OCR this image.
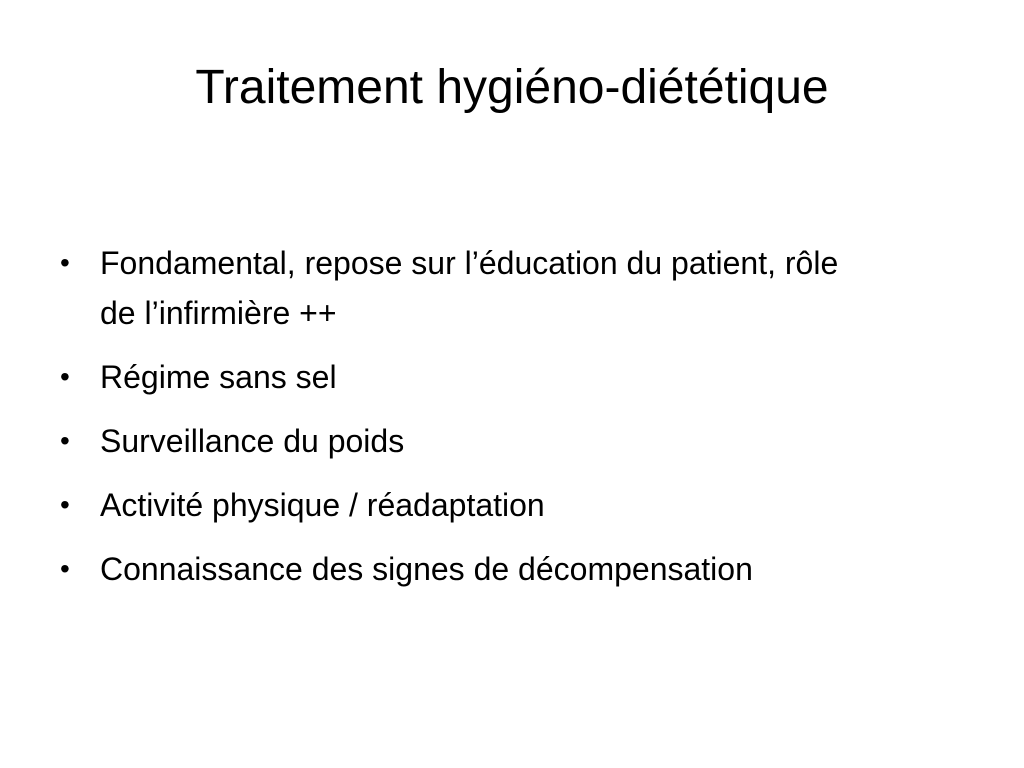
Traitement hygiéno-diététique
• Fondamental, repose sur l’éducation du patient, rôle de l’infirmière ++
• Régime sans sel
• Surveillance du poids
• Activité physique / réadaptation
• Connaissance des signes de décompensation
